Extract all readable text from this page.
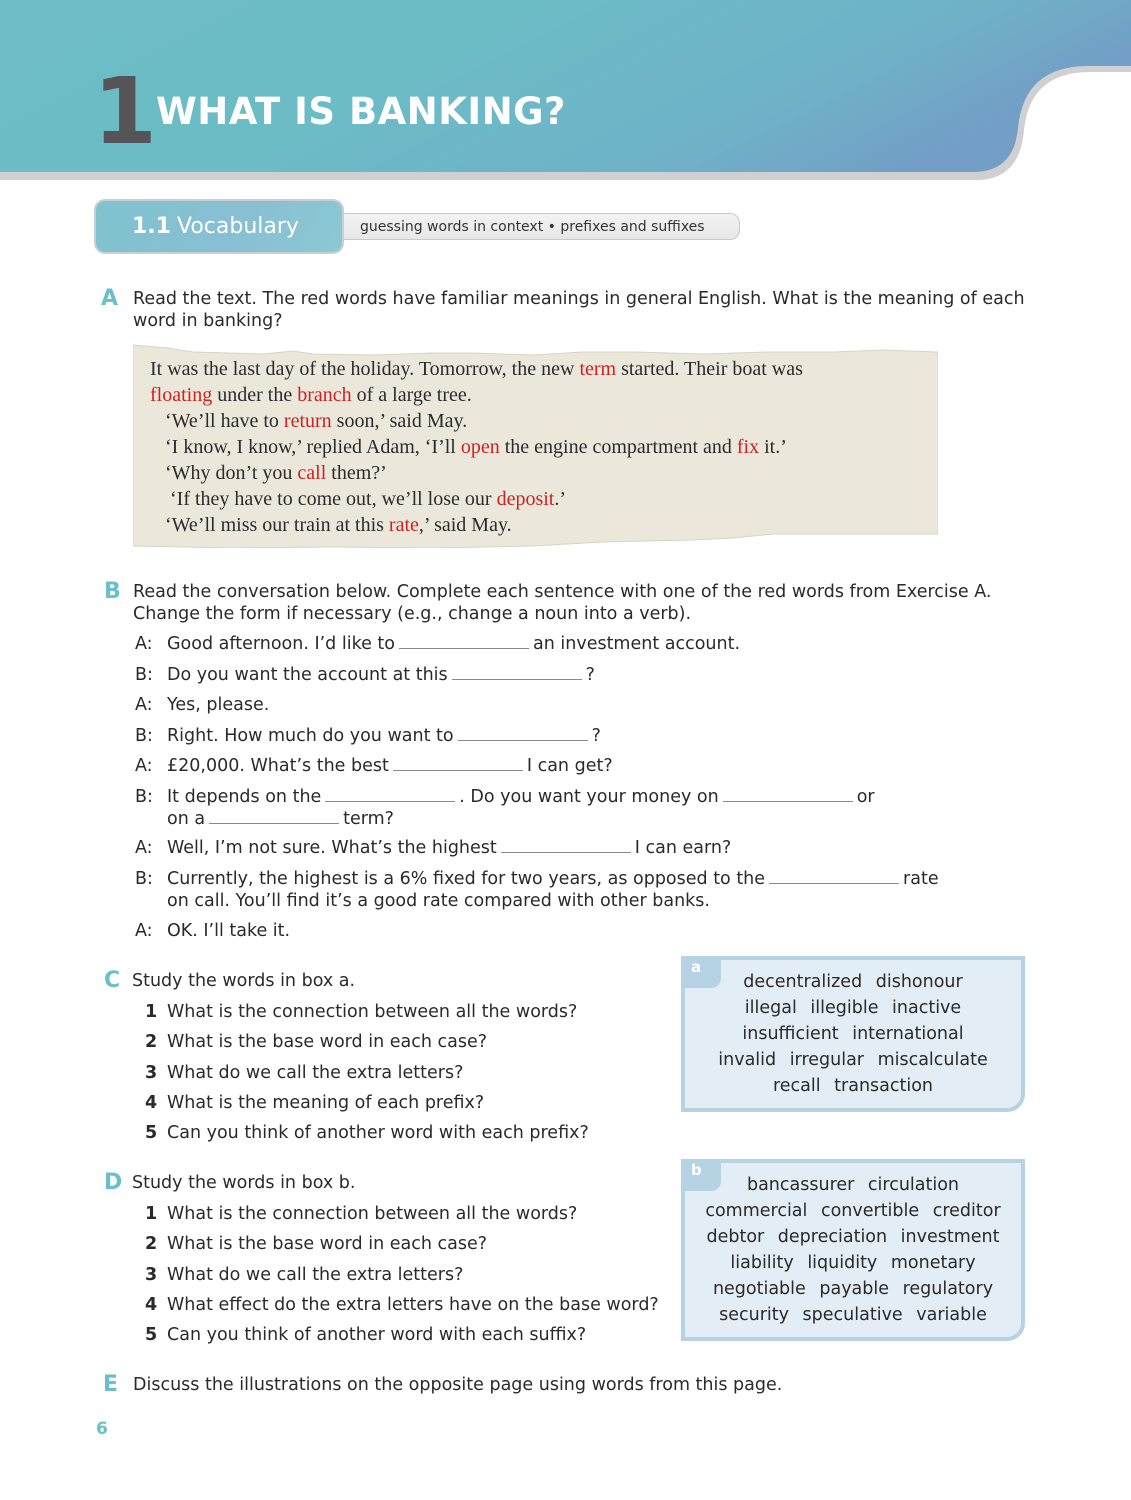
1 WHAT IS BANKING?
guessing words in context • prefixes and suffixes
1.1 Vocabulary
A Read the text. The red words have familiar meanings in general English. What is the meaning of each
word in banking?
It was the last day of the holiday. Tomorrow, the new term started. Their boat was
floating under the branch of a large tree.
‘We’ll have to return soon,’ said May.
‘I know, I know,’ replied Adam, ‘I’ll open the engine compartment and fix it.’
‘Why don’t you call them?’
‘If they have to come out, we’ll lose our deposit.’
‘We’ll miss our train at this rate,’ said May.
B Read the conversation below. Complete each sentence with one of the red words from Exercise A.
Change the form if necessary (e.g., change a noun into a verb).
A: Good afternoon. I’d like to	an investment account.
B: Do you want the account at this	?
A: Yes, please.
B: Right. How much do you want to	?
A: £20,000. What’s the best	I can get?
B: It depends on the	. Do you want your money on	or
on a	term?
A: Well, I’m not sure. What’s the highest	I can earn?
B: Currently, the highest is a 6% fixed for two years, as opposed to the	rate
on call. You’ll find it’s a good rate compared with other banks.
A: OK. I’ll take it.
C Study the words in box a.
1 What is the connection between all the words?
2 What is the base word in each case?
3 What do we call the extra letters?
4 What is the meaning of each prefix?
5 Can you think of another word with each prefix?
a
decentralized dishonour
illegal illegible inactive
insufficient international
invalid irregular miscalculate
recall transaction
D Study the words in box b.
1 What is the connection between all the words?
2 What is the base word in each case?
3 What do we call the extra letters?
4 What effect do the extra letters have on the base word?
5 Can you think of another word with each suffix?
b
bancassurer circulation
commercial convertible creditor
debtor depreciation investment
liability liquidity monetary
negotiable payable regulatory
security speculative variable
E Discuss the illustrations on the opposite page using words from this page.
6
